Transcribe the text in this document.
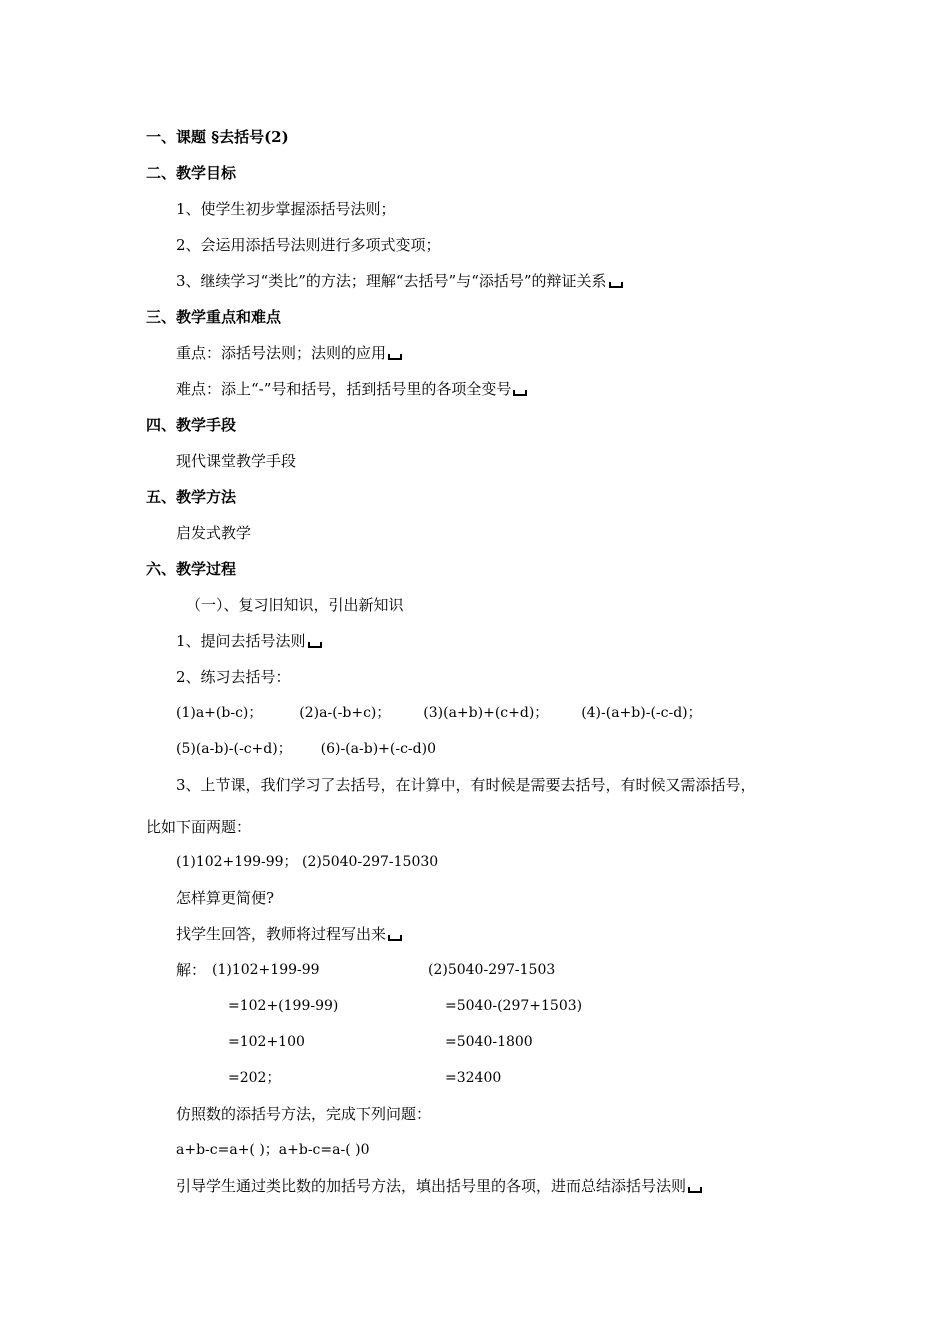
一、课题 §去括号(2)
二、教学目标
1、使学生初步掌握添括号法则；
2、会运用添括号法则进行多项式变项；
3、继续学习“类比”的方法；理解“去括号”与“添括号”的辩证关系
三、教学重点和难点
重点：添括号法则；法则的应用
难点：添上“-”号和括号，括到括号里的各项全变号
四、教学手段
现代课堂教学手段
五、教学方法
启发式教学
六、教学过程
（一）、复习旧知识，引出新知识
1、提问去括号法则
2、练习去括号：
(1)a+(b-c)；	(2)a-(-b+c)； (3)(a+b)+(c+d)； (4)-(a+b)-(-c-d)；
(5)(a-b)-(-c+d)； (6)-(a-b)+(-c-d)0
3、上节课，我们学习了去括号，在计算中，有时候是需要去括号，有时候又需添括号，
比如下面两题：
(1)102+199-99； (2)5040-297-15030
怎样算更简便?
找学生回答，教师将过程写出来
解： (1)102+199-99
=102+(199-99)
=102+100
=202；
(2)5040-297-1503
=5040-(297+1503)
=5040-1800
=32400
仿照数的添括号方法，完成下列问题：
a+b-c=a+( )；a+b-c=a-( )0
引导学生通过类比数的加括号方法，填出括号里的各项，进而总结添括号法则
